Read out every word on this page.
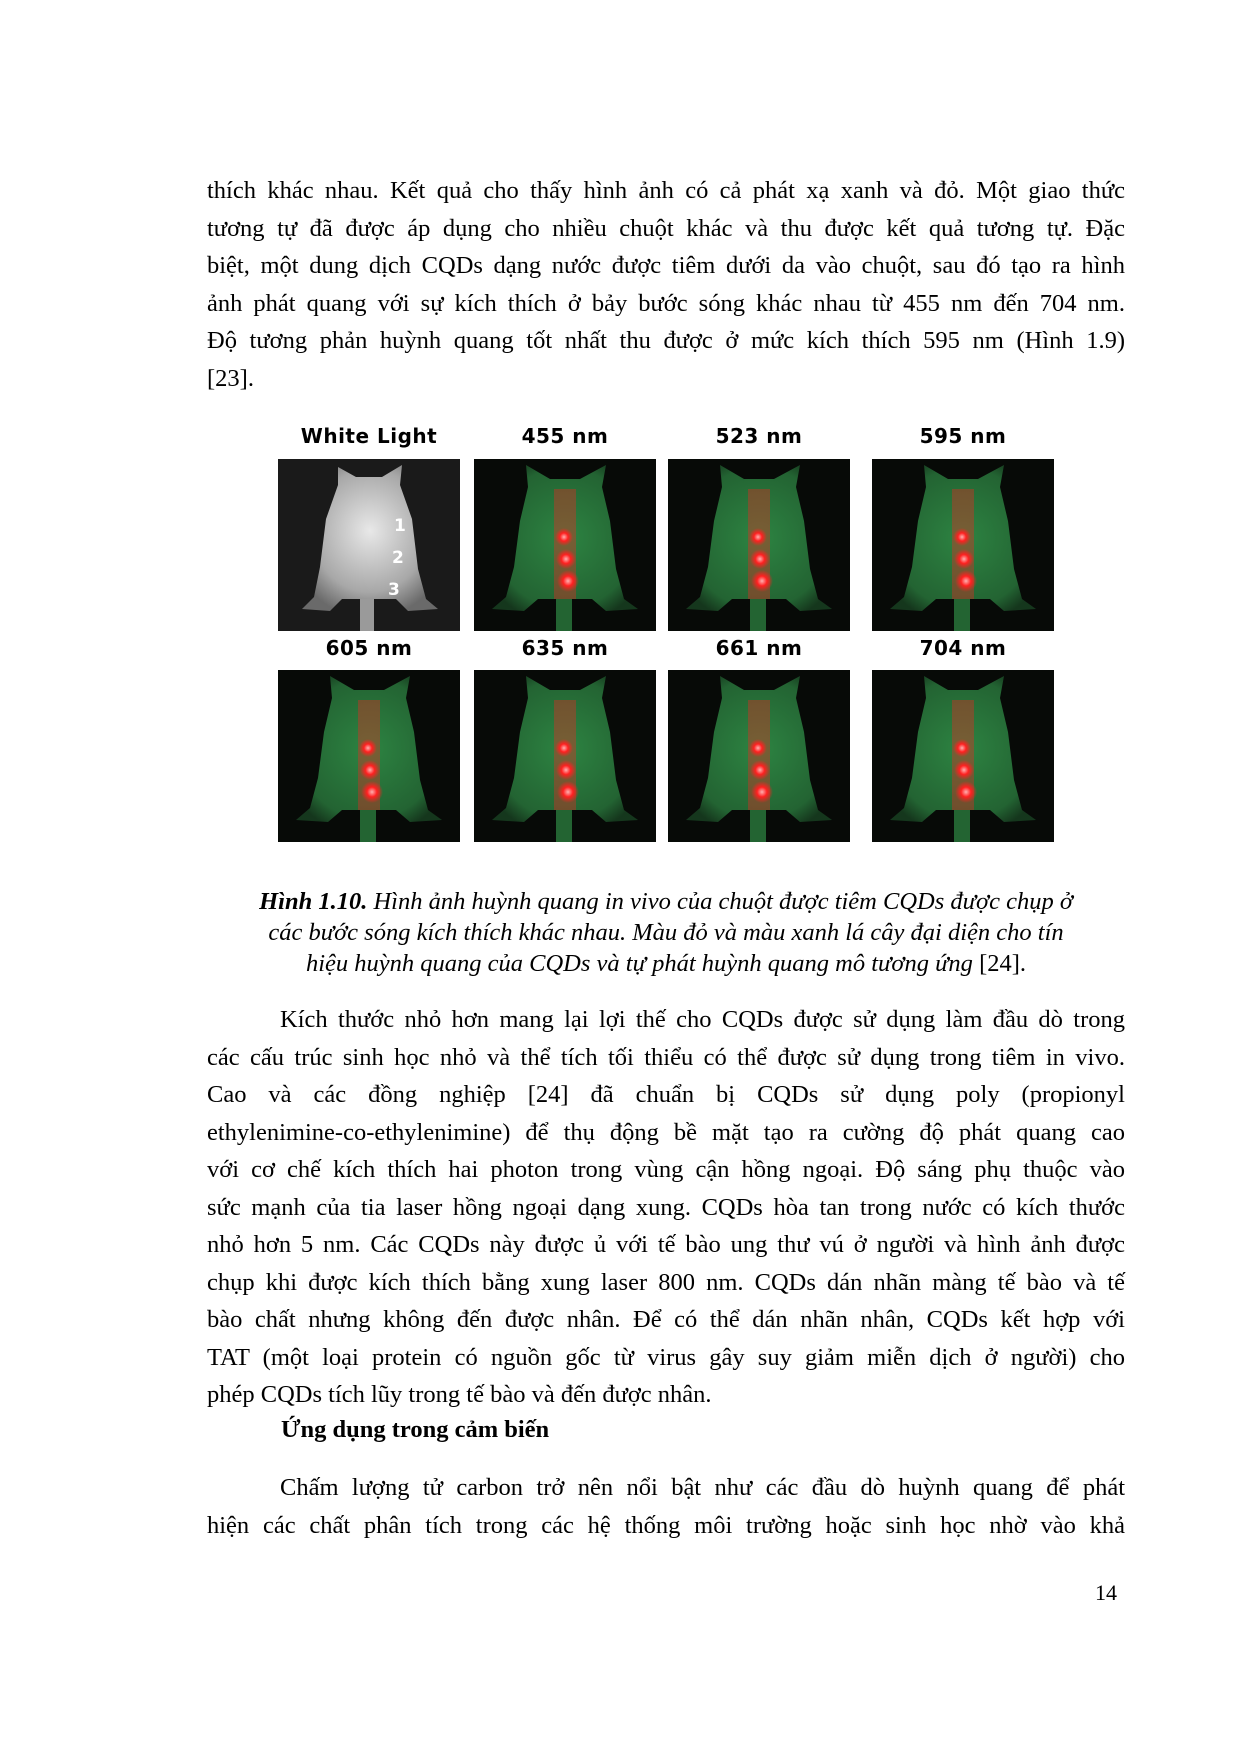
thích khác nhau. Kết quả cho thấy hình ảnh có cả phát xạ xanh và đỏ. Một giao thức
tương tự đã được áp dụng cho nhiều chuột khác và thu được kết quả tương tự. Đặc
biệt, một dung dịch CQDs dạng nước được tiêm dưới da vào chuột, sau đó tạo ra hình
ảnh phát quang với sự kích thích ở bảy bước sóng khác nhau từ 455 nm đến 704 nm.
Độ tương phản huỳnh quang tốt nhất thu được ở mức kích thích 595 nm (Hình 1.9)
[23].
White Light	455 nm	523 nm	595 nm
1
2
3
605 nm	635 nm	661 nm	704 nm
Hình 1.10. Hình ảnh huỳnh quang in vivo của chuột được tiêm CQDs được chụp ở
các bước sóng kích thích khác nhau. Màu đỏ và màu xanh lá cây đại diện cho tín
hiệu huỳnh quang của CQDs và tự phát huỳnh quang mô tương ứng [24].
Kích thước nhỏ hơn mang lại lợi thế cho CQDs được sử dụng làm đầu dò trong
các cấu trúc sinh học nhỏ và thể tích tối thiểu có thể được sử dụng trong tiêm in vivo.
Cao và các đồng nghiệp [24] đã chuẩn bị CQDs sử dụng poly (propionyl
ethylenimine-co-ethylenimine) để thụ động bề mặt tạo ra cường độ phát quang cao
với cơ chế kích thích hai photon trong vùng cận hồng ngoại. Độ sáng phụ thuộc vào
sức mạnh của tia laser hồng ngoại dạng xung. CQDs hòa tan trong nước có kích thước
nhỏ hơn 5 nm. Các CQDs này được ủ với tế bào ung thư vú ở người và hình ảnh được
chụp khi được kích thích bằng xung laser 800 nm. CQDs dán nhãn màng tế bào và tế
bào chất nhưng không đến được nhân. Để có thể dán nhãn nhân, CQDs kết hợp với
TAT (một loại protein có nguồn gốc từ virus gây suy giảm miễn dịch ở người) cho
phép CQDs tích lũy trong tế bào và đến được nhân.
Ứng dụng trong cảm biến
Chấm lượng tử carbon trở nên nổi bật như các đầu dò huỳnh quang để phát
hiện các chất phân tích trong các hệ thống môi trường hoặc sinh học nhờ vào khả
14
